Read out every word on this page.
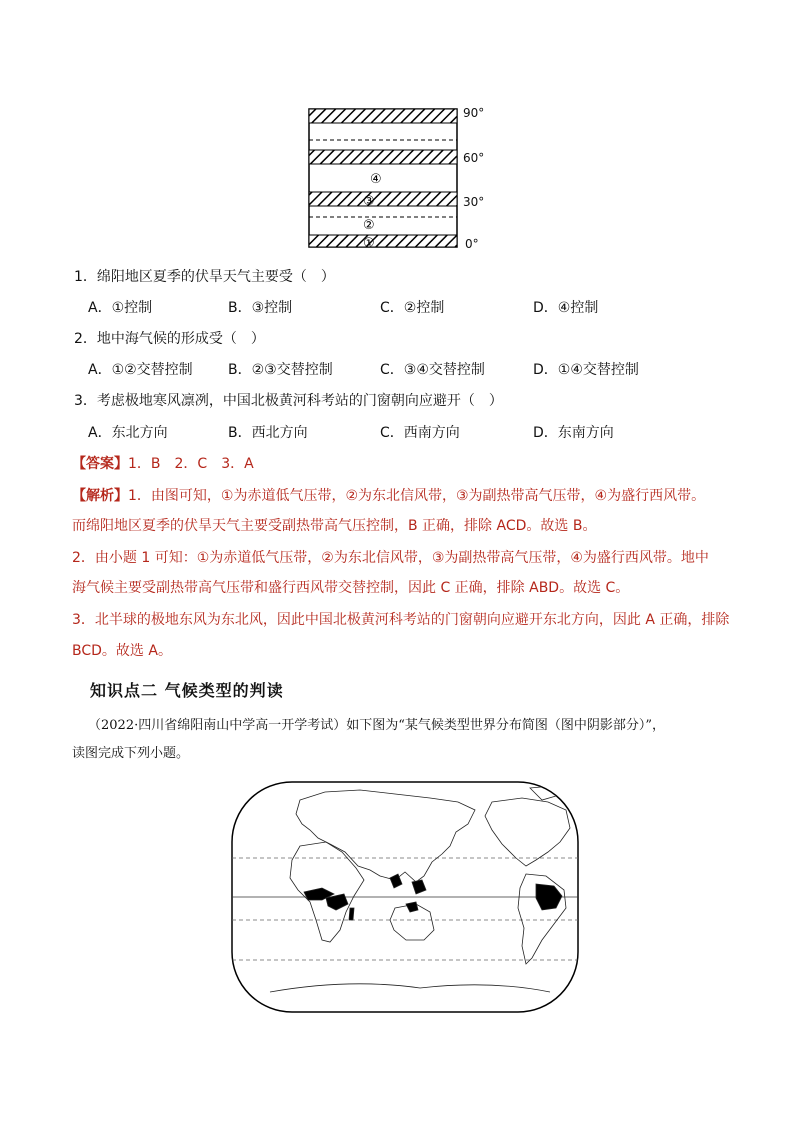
④
③
②
①
90°
60°
30°
0°
1．绵阳地区夏季的伏旱天气主要受（　）
A．①控制	B．③控制	C．②控制	D．④控制
2．地中海气候的形成受（　）
A．①②交替控制	B．②③交替控制	C．③④交替控制	D．①④交替控制
3．考虑极地寒风凛冽，中国北极黄河科考站的门窗朝向应避开（　）
A．东北方向	B．西北方向	C．西南方向	D．东南方向
【答案】1．B　2．C　3．A
【解析】1．由图可知，①为赤道低气压带，②为东北信风带，③为副热带高气压带，④为盛行西风带。
而绵阳地区夏季的伏旱天气主要受副热带高气压控制，B 正确，排除 ACD。故选 B。
2．由小题 1 可知：①为赤道低气压带，②为东北信风带，③为副热带高气压带，④为盛行西风带。地中
海气候主要受副热带高气压带和盛行西风带交替控制，因此 C 正确，排除 ABD。故选 C。
3．北半球的极地东风为东北风，因此中国北极黄河科考站的门窗朝向应避开东北方向，因此 A 正确，排除
BCD。故选 A。
知识点二 气候类型的判读
（2022·四川省绵阳南山中学高一开学考试）如下图为“某气候类型世界分布简图（图中阴影部分）”，
读图完成下列小题。
